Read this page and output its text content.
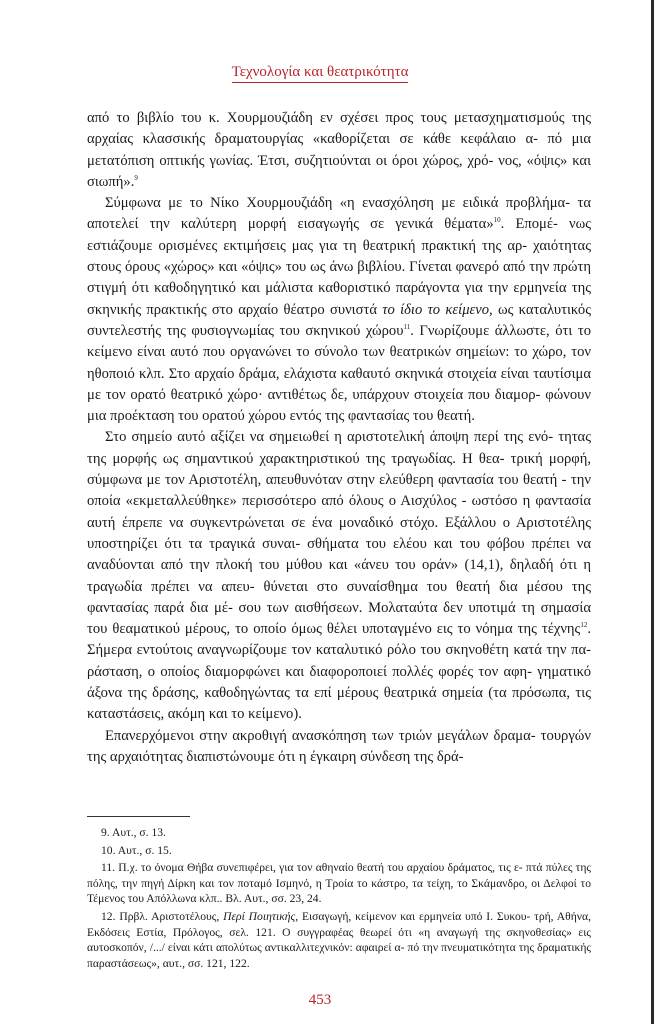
Τεχνολογία και θεατρικότητα

από το βιβλίο του κ. Χουρμουζιάδη εν σχέσει προς τους μετασχηματισμούς της αρχαίας κλασσικής δραματουργίας «καθορίζεται σε κάθε κεφάλαιο α- πό μια μετατόπιση οπτικής γωνίας. Έτσι, συζητιούνται οι όροι χώρος, χρό- νος, «όψις» και σιωπή».$^9$

Σύμφωνα με το Νίκο Χουρμουζιάδη «η ενασχόληση με ειδικά προβλήμα- τα αποτελεί την καλύτερη μορφή εισαγωγής σε γενικά θέματα»$^{10}$. Επομέ- νως εστιάζουμε ορισμένες εκτιμήσεις μας για τη θεατρική πρακτική της αρ- χαιότητας στους όρους «χώρος» και «όψις» του ως άνω βιβλίου. Γίνεται φανερό από την πρώτη στιγμή ότι καθοδηγητικό και μάλιστα καθοριστικό παράγοντα για την ερμηνεία της σκηνικής πρακτικής στο αρχαίο θέατρο συνιστά το ίδιο το κείμενο, ως καταλυτικός συντελεστής της φυσιογνωμίας του σκηνικού χώρου$^{11}$. Γνωρίζουμε άλλωστε, ότι το κείμενο είναι αυτό που οργανώνει το σύνολο των θεατρικών σημείων: το χώρο, τον ηθοποιό κλπ. Στο αρχαίο δράμα, ελάχιστα καθαυτό σκηνικά στοιχεία είναι ταυτίσιμα με τον ορατό θεατρικό χώρο· αντιθέτως δε, υπάρχουν στοιχεία που διαμορ- φώνουν μια προέκταση του ορατού χώρου εντός της φαντασίας του θεατή.

Στο σημείο αυτό αξίζει να σημειωθεί η αριστοτελική άποψη περί της ενό- τητας της μορφής ως σημαντικού χαρακτηριστικού της τραγωδίας. Η θεα- τρική μορφή, σύμφωνα με τον Αριστοτέλη, απευθυνόταν στην ελεύθερη φαντασία του θεατή - την οποία «εκμεταλλεύθηκε» περισσότερο από όλους ο Αισχύλος - ωστόσο η φαντασία αυτή έπρεπε να συγκεντρώνεται σε ένα μοναδικό στόχο. Εξάλλου ο Αριστοτέλης υποστηρίζει ότι τα τραγικά συναι- σθήματα του ελέου και του φόβου πρέπει να αναδύονται από την πλοκή του μύθου και «άνευ του οράν» (14,1), δηλαδή ότι η τραγωδία πρέπει να απευ- θύνεται στο συναίσθημα του θεατή δια μέσου της φαντασίας παρά δια μέ- σου των αισθήσεων. Μολαταύτα δεν υποτιμά τη σημασία του θεαματικού μέρους, το οποίο όμως θέλει υποταγμένο εις το νόημα της τέχνης$^{12}$. Σήμερα εντούτοις αναγνωρίζουμε τον καταλυτικό ρόλο του σκηνοθέτη κατά την πα- ράσταση, ο οποίος διαμορφώνει και διαφοροποιεί πολλές φορές τον αφη- γηματικό άξονα της δράσης, καθοδηγώντας τα επί μέρους θεατρικά σημεία (τα πρόσωπα, τις καταστάσεις, ακόμη και το κείμενο).

Επανερχόμενοι στην ακροθιγή ανασκόπηση των τριών μεγάλων δραμα- τουργών της αρχαιότητας διαπιστώνουμε ότι η έγκαιρη σύνδεση της δρά-

9. Αυτ., σ. 13.

10. Αυτ., σ. 15.

11. Π.χ. το όνομα Θήβα συνεπιφέρει, για τον αθηναίο θεατή του αρχαίου δράματος, τις ε- πτά πύλες της πόλης, την πηγή Δίρκη και τον ποταμό Ισμηνό, η Τροία το κάστρο, τα τείχη, το Σκάμανδρο, οι Δελφοί το Τέμενος του Απόλλωνα κλπ.. Βλ. Αυτ., σσ. 23, 24.

12. Πρβλ. Αριστοτέλους, Περί Ποιητικής, Εισαγωγή, κείμενον και ερμηνεία υπό Ι. Συκου- τρή, Αθήνα, Εκδόσεις Εστία, Πρόλογος, σελ. 121. Ο συγγραφέας θεωρεί ότι «η αναγωγή της σκηνοθεσίας» εις αυτοσκοπόν, /.../ είναι κάτι απολύτως αντικαλλιτεχνικόν: αφαιρεί α- πό την πνευματικότητα της δραματικής παραστάσεως», αυτ., σσ. 121, 122.

453
